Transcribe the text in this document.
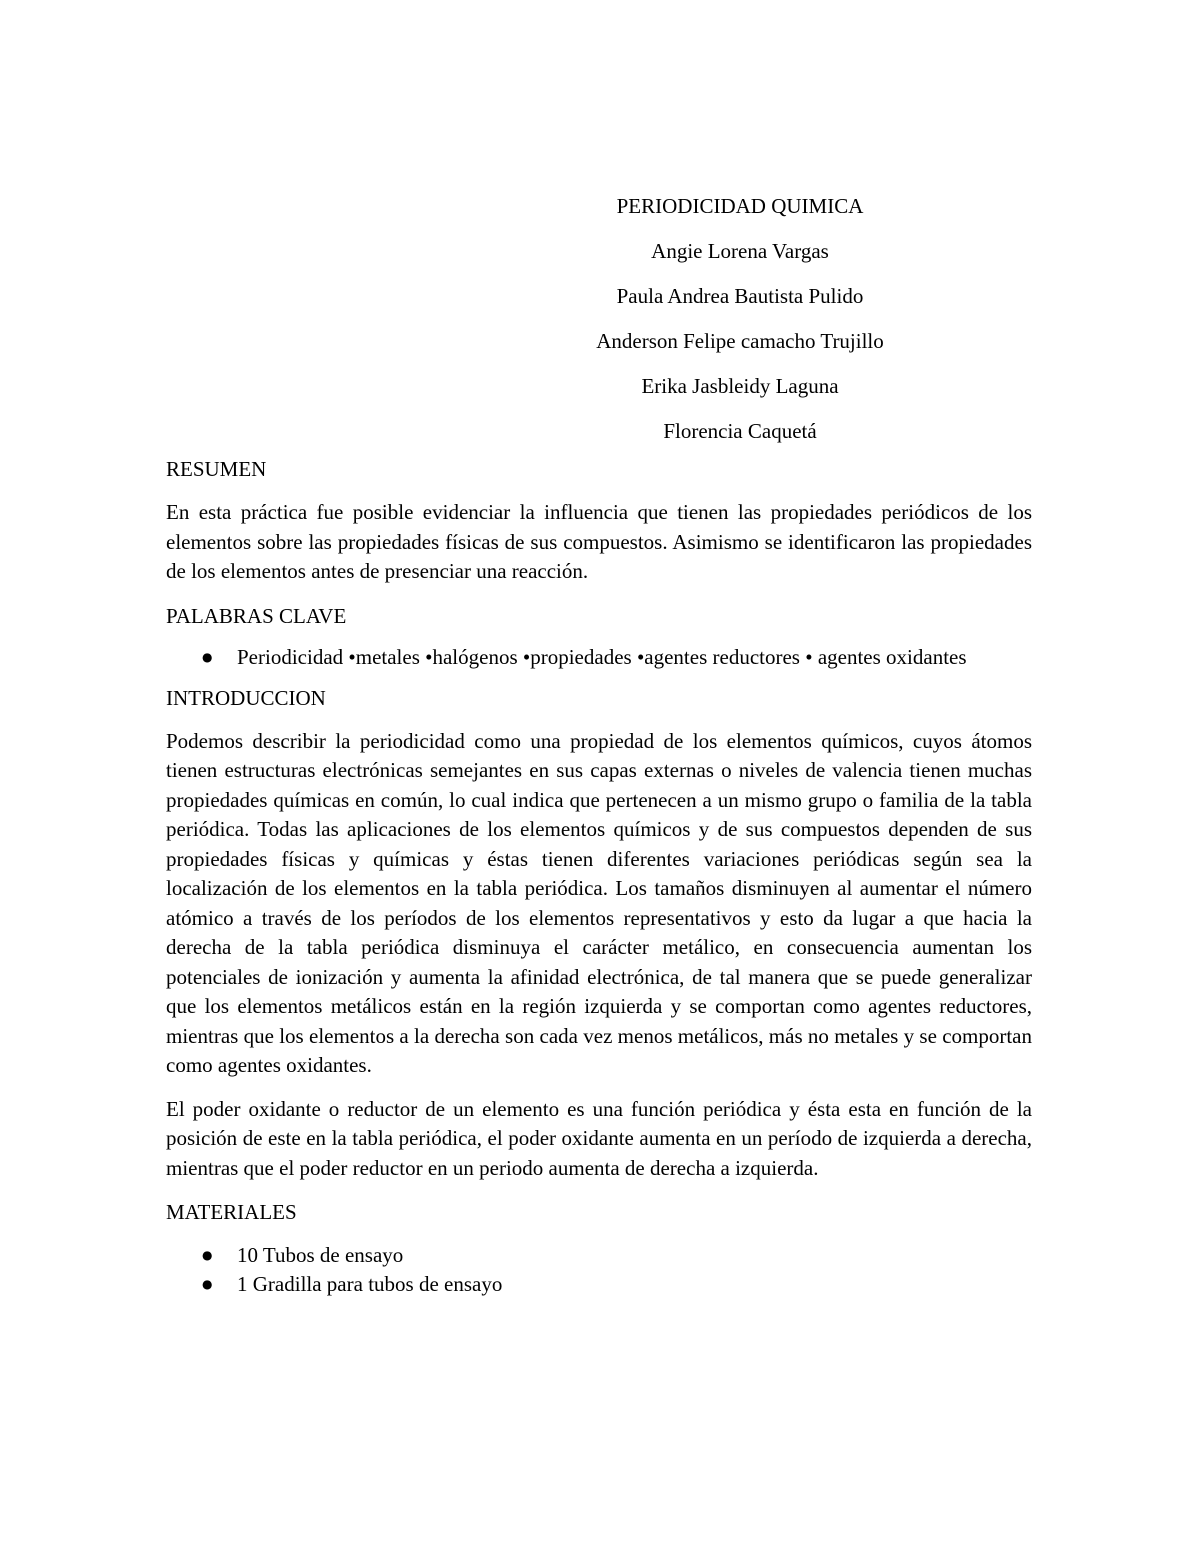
PERIODICIDAD QUIMICA
Angie Lorena Vargas
Paula Andrea Bautista Pulido
Anderson Felipe camacho Trujillo
Erika Jasbleidy Laguna
Florencia Caquetá
RESUMEN
En esta práctica fue posible evidenciar la influencia que tienen las propiedades periódicos de los elementos sobre las propiedades físicas de sus compuestos. Asimismo se identificaron las propiedades de los elementos antes de presenciar una reacción.
PALABRAS CLAVE
● Periodicidad •metales •halógenos •propiedades •agentes reductores • agentes oxidantes
INTRODUCCION
Podemos describir la periodicidad como una propiedad de los elementos químicos, cuyos átomos tienen estructuras electrónicas semejantes en sus capas externas o niveles de valencia tienen muchas propiedades químicas en común, lo cual indica que pertenecen a un mismo grupo o familia de la tabla periódica. Todas las aplicaciones de los elementos químicos y de sus compuestos dependen de sus propiedades físicas y químicas y éstas tienen diferentes variaciones periódicas según sea la localización de los elementos en la tabla periódica. Los tamaños disminuyen al aumentar el número atómico a través de los períodos de los elementos representativos y esto da lugar a que hacia la derecha de la tabla periódica disminuya el carácter metálico, en consecuencia aumentan los potenciales de ionización y aumenta la afinidad electrónica, de tal manera que se puede generalizar que los elementos metálicos están en la región izquierda y se comportan como agentes reductores, mientras que los elementos a la derecha son cada vez menos metálicos, más no metales y se comportan como agentes oxidantes.
El poder oxidante o reductor de un elemento es una función periódica y ésta esta en función de la posición de este en la tabla periódica, el poder oxidante aumenta en un período de izquierda a derecha, mientras que el poder reductor en un periodo aumenta de derecha a izquierda.
MATERIALES
● 10 Tubos de ensayo
● 1 Gradilla para tubos de ensayo
